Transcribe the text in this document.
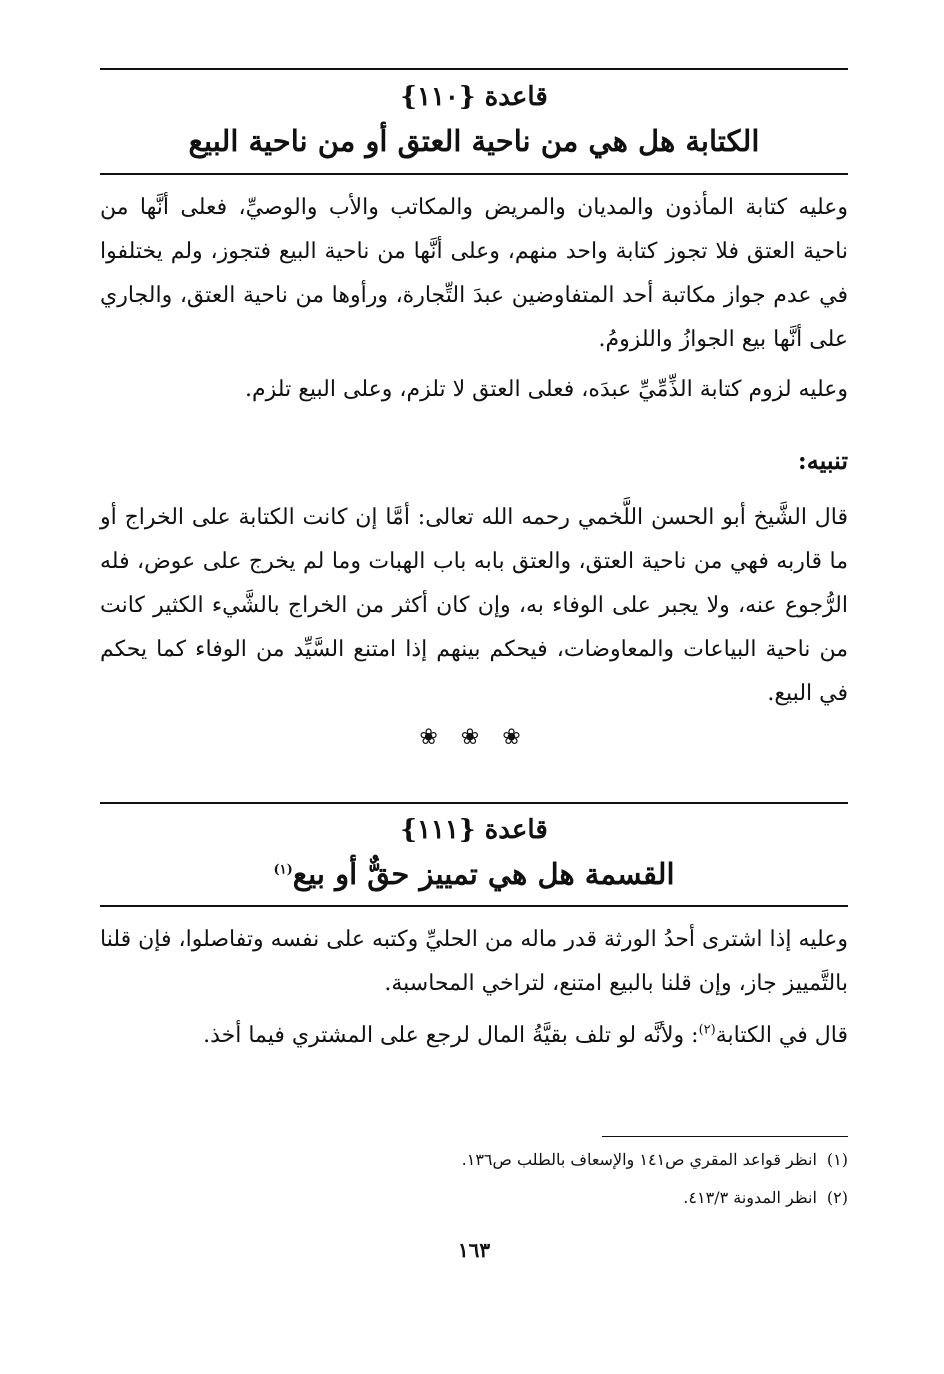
قاعدة {١١٠}
الكتابة هل هي من ناحية العتق أو من ناحية البيع

وعليه كتابة المأذون والمديان والمريض والمكاتب والأب والوصيِّ، فعلى أنَّها من ناحية العتق فلا تجوز كتابة واحد منهم، وعلى أنَّها من ناحية البيع فتجوز، ولم يختلفوا في عدم جواز مكاتبة أحد المتفاوضين عبدَ التِّجارة، ورأوها من ناحية العتق، والجاري على أنَّها بيع الجوازُ واللزومُ.

وعليه لزوم كتابة الذِّمِّيِّ عبدَه، فعلى العتق لا تلزم، وعلى البيع تلزم.

تنبيه:

قال الشَّيخ أبو الحسن اللَّخمي رحمه الله تعالى: أمَّا إن كانت الكتابة على الخراج أو ما قاربه فهي من ناحية العتق، والعتق بابه باب الهبات وما لم يخرج على عوض، فله الرُّجوع عنه، ولا يجبر على الوفاء به، وإن كان أكثر من الخراج بالشَّيء الكثير كانت من ناحية البياعات والمعاوضات، فيحكم بينهم إذا امتنع السَّيِّد من الوفاء كما يحكم في البيع.

❀ ❀ ❀
قاعدة {١١١}
القسمة هل هي تمييز حقٌّ أو بيع$^{(١)}$

وعليه إذا اشترى أحدُ الورثة قدر ماله من الحليِّ وكتبه على نفسه وتفاصلوا، فإن قلنا بالتَّمييز جاز، وإن قلنا بالبيع امتنع، لتراخي المحاسبة.

قال في الكتابة$^{(٢)}$: ولأنَّه لو تلف بقيَّةُ المال لرجع على المشتري فيما أخذ.

(١)انظر قواعد المقري ص١٤١ والإسعاف بالطلب ص١٣٦.
(٢)انظر المدونة ٤١٣/٣.
١٦٣
